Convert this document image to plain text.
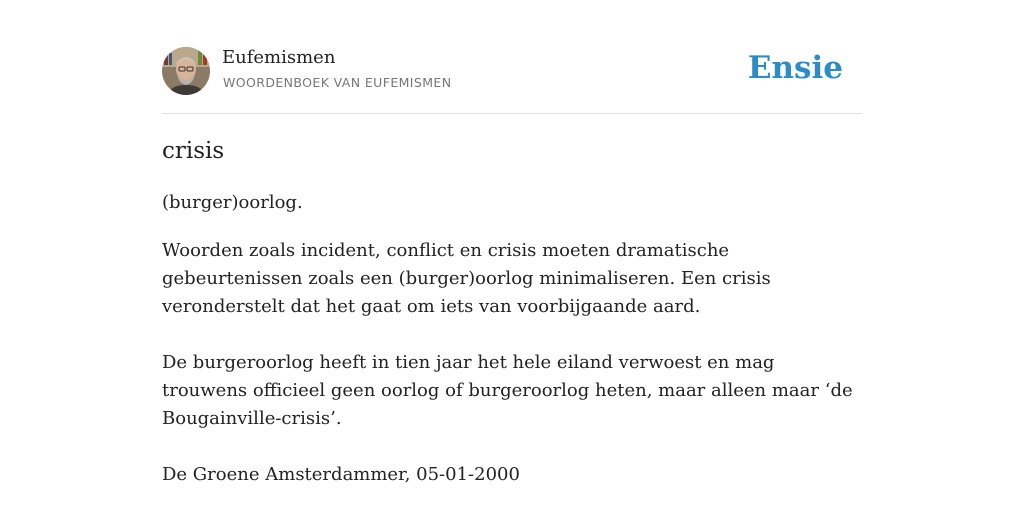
Eufemismen
WOORDENBOEK VAN EUFEMISMEN	Ensie
crisis

(burger)oorlog.

Woorden zoals incident, conflict en crisis moeten dramatische gebeurtenissen zoals een (burger)oorlog minimaliseren. Een crisis veronderstelt dat het gaat om iets van voorbijgaande aard.

De burgeroorlog heeft in tien jaar het hele eiland verwoest en mag trouwens officieel geen oorlog of burgeroorlog heten, maar alleen maar ‘de Bougainville-crisis’.

De Groene Amsterdammer, 05-01-2000
